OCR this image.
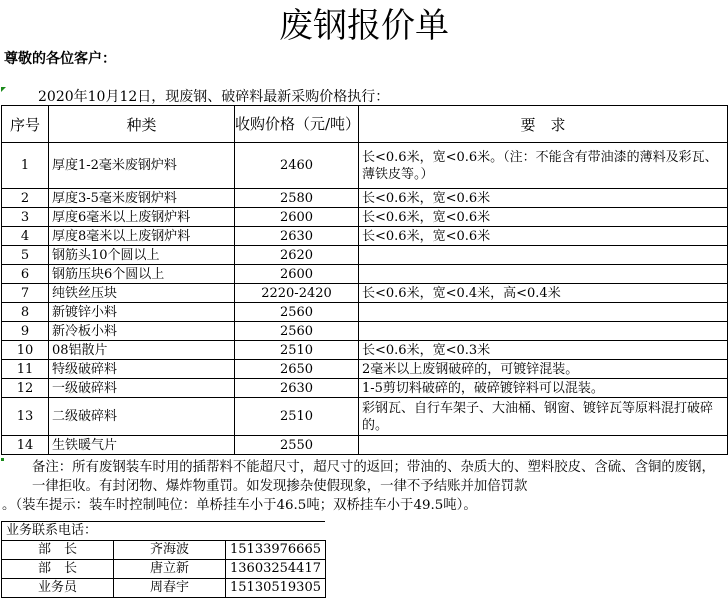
废钢报价单
尊敬的各位客户：
2020年10月12日，现废钢、破碎料最新采购价格执行：
序号	种类	收购价格（元/吨）	要　求
1	厚度1-2毫米废钢炉料	2460	长<0.6米，宽<0.6米。（注：不能含有带油漆的薄料及彩瓦、薄铁皮等。）
2	厚度3-5毫米废钢炉料	2580	长<0.6米，宽<0.6米
3	厚度6毫米以上废钢炉料	2600	长<0.6米，宽<0.6米
4	厚度8毫米以上废钢炉料	2630	长<0.6米，宽<0.6米
5	钢筋头10个圆以上	2620	
6	钢筋压块6个圆以上	2600	
7	纯铁丝压块	2220-2420	长<0.6米，宽<0.4米，高<0.4米
8	新镀锌小料	2560	
9	新冷板小料	2560	
10	08铝散片	2510	长<0.6米，宽<0.3米
11	特级破碎料	2650	2毫米以上废钢破碎的，可镀锌混装。
12	一级破碎料	2630	1-5剪切料破碎的，破碎镀锌料可以混装。
13	二级破碎料	2510	彩钢瓦、自行车架子、大油桶、钢窗、镀锌瓦等原料混打破碎的。
14	生铁暖气片	2550	
备注：所有废钢装车时用的插帮料不能超尺寸，超尺寸的返回；带油的、杂质大的、塑料胶皮、含硫、含铜的废钢，一律拒收。有封闭物、爆炸物重罚。如发现掺杂使假现象，一律不予结账并加倍罚款
。（装车提示：装车时控制吨位：单桥挂车小于46.5吨；双桥挂车小于49.5吨）。
业务联系电话：		
部　长	齐海波	15133976665
部　长	唐立新	13603254417
业务员	周春宇	15130519305
